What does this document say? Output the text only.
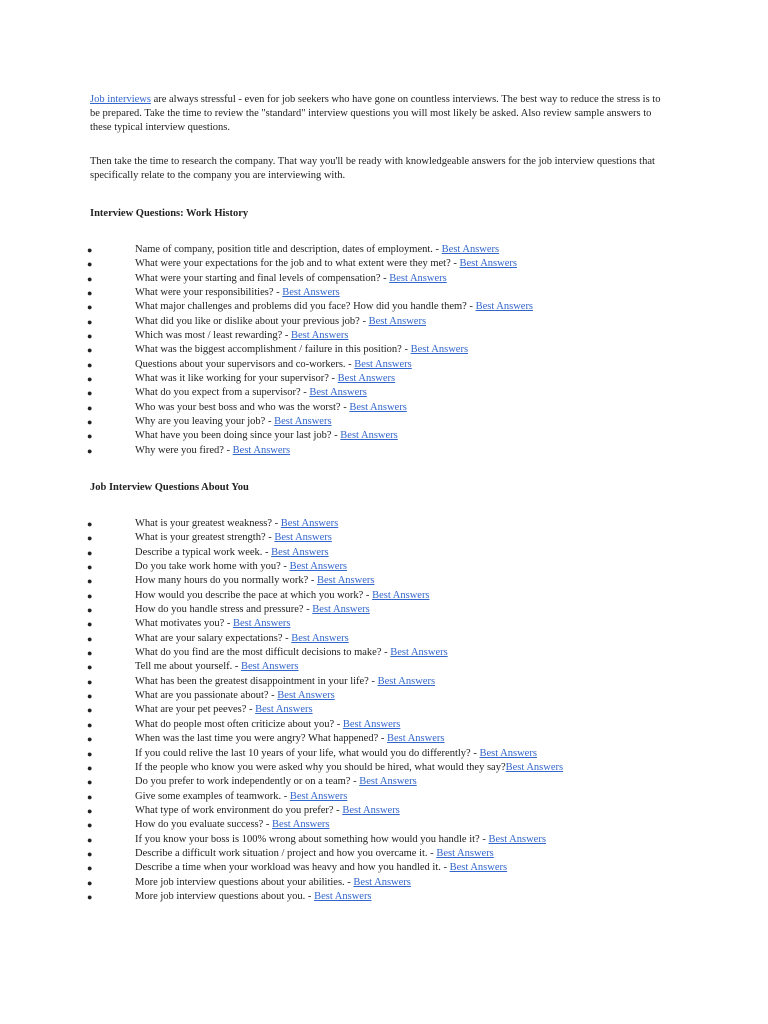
Job interviews are always stressful - even for job seekers who have gone on countless interviews. The best way to reduce the stress is to be prepared. Take the time to review the "standard" interview questions you will most likely be asked. Also review sample answers to these typical interview questions.

Then take the time to research the company. That way you'll be ready with knowledgeable answers for the job interview questions that specifically relate to the company you are interviewing with.

Interview Questions: Work History
●	Name of company, position title and description, dates of employment. - Best Answers
●	What were your expectations for the job and to what extent were they met? - Best Answers
●	What were your starting and final levels of compensation? - Best Answers
●	What were your responsibilities? - Best Answers
●	What major challenges and problems did you face? How did you handle them? - Best Answers
●	What did you like or dislike about your previous job? - Best Answers
●	Which was most / least rewarding? - Best Answers
●	What was the biggest accomplishment / failure in this position? - Best Answers
●	Questions about your supervisors and co-workers. - Best Answers
●	What was it like working for your supervisor? - Best Answers
●	What do you expect from a supervisor? - Best Answers
●	Who was your best boss and who was the worst? - Best Answers
●	Why are you leaving your job? - Best Answers
●	What have you been doing since your last job? - Best Answers
●	Why were you fired? - Best Answers
Job Interview Questions About You
●	What is your greatest weakness? - Best Answers
●	What is your greatest strength? - Best Answers
●	Describe a typical work week. - Best Answers
●	Do you take work home with you? - Best Answers
●	How many hours do you normally work? - Best Answers
●	How would you describe the pace at which you work? - Best Answers
●	How do you handle stress and pressure? - Best Answers
●	What motivates you? - Best Answers
●	What are your salary expectations? - Best Answers
●	What do you find are the most difficult decisions to make? - Best Answers
●	Tell me about yourself. - Best Answers
●	What has been the greatest disappointment in your life? - Best Answers
●	What are you passionate about? - Best Answers
●	What are your pet peeves? - Best Answers
●	What do people most often criticize about you? - Best Answers
●	When was the last time you were angry? What happened? - Best Answers
●	If you could relive the last 10 years of your life, what would you do differently? - Best Answers
●	If the people who know you were asked why you should be hired, what would they say?Best Answers
●	Do you prefer to work independently or on a team? - Best Answers
●	Give some examples of teamwork. - Best Answers
●	What type of work environment do you prefer? - Best Answers
●	How do you evaluate success? - Best Answers
●	If you know your boss is 100% wrong about something how would you handle it? - Best Answers
●	Describe a difficult work situation / project and how you overcame it. - Best Answers
●	Describe a time when your workload was heavy and how you handled it. - Best Answers
●	More job interview questions about your abilities. - Best Answers
●	More job interview questions about you. - Best Answers
